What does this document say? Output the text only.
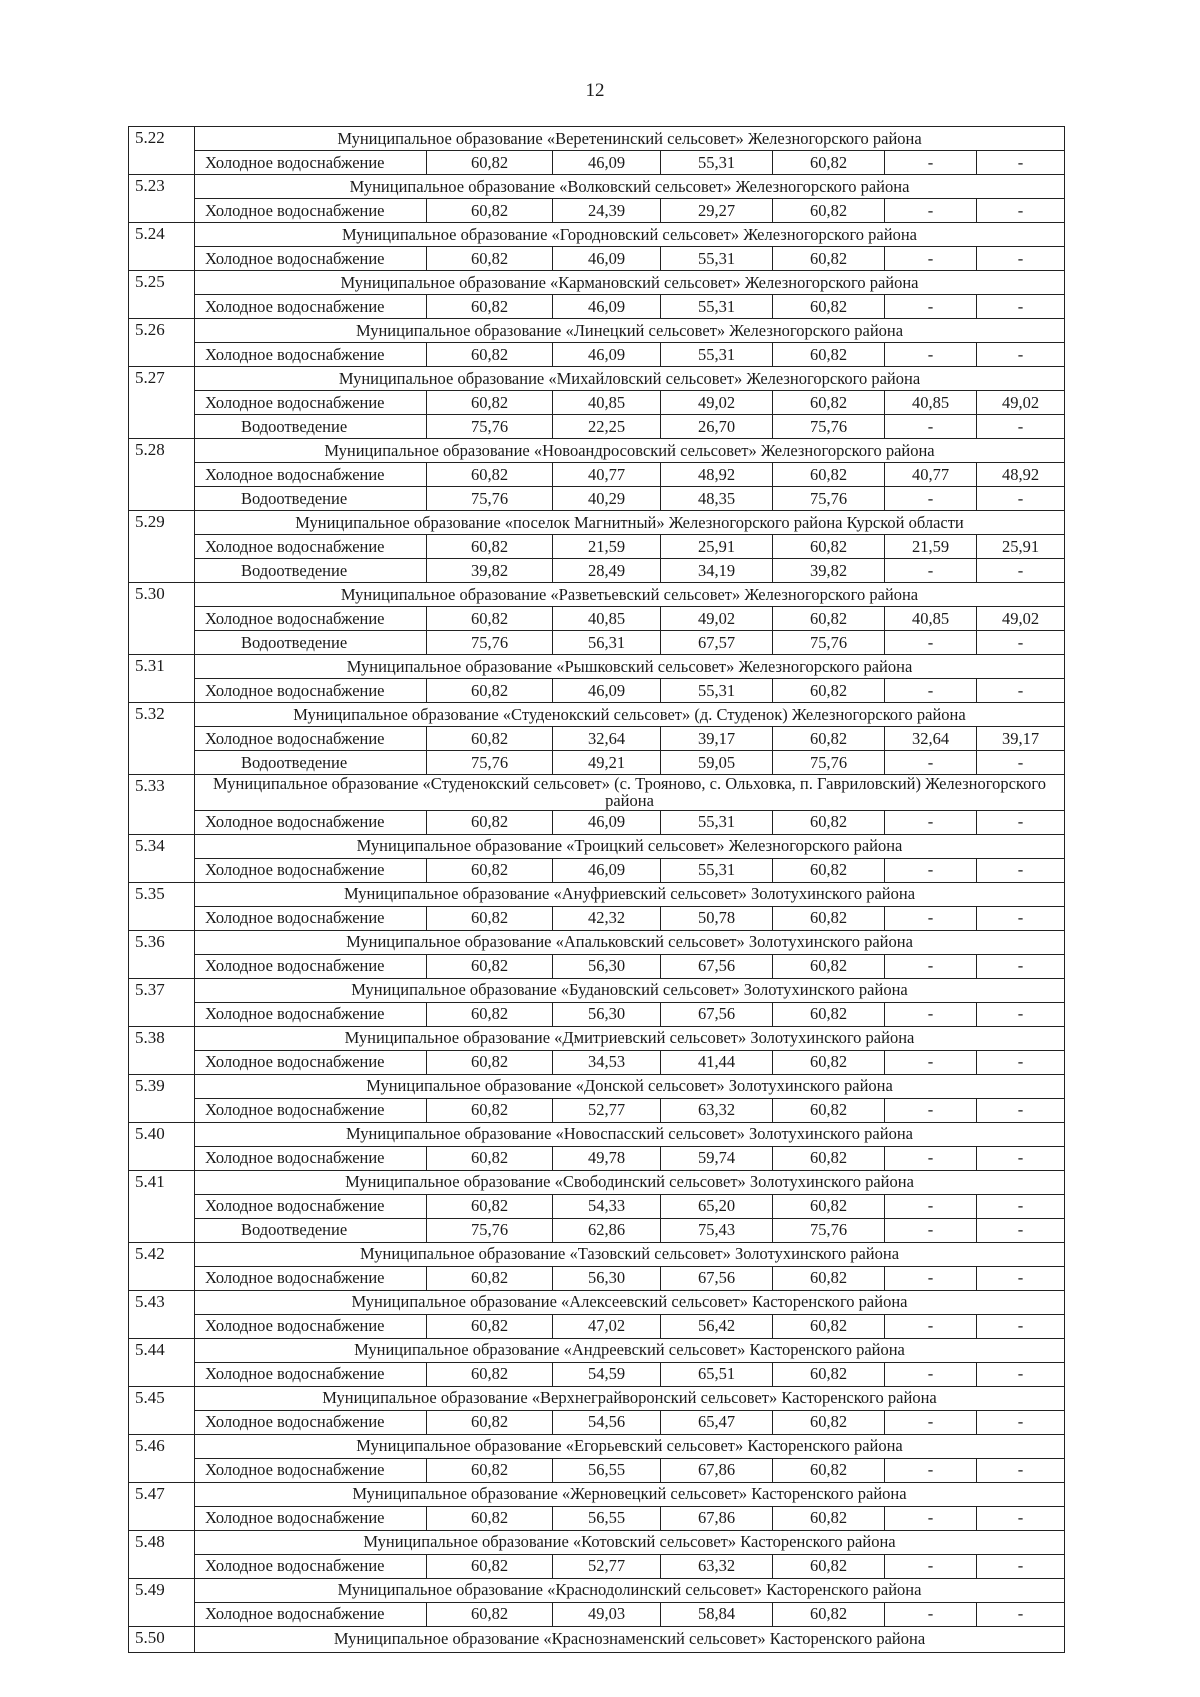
12
5.22	Муниципальное образование «Веретенинский сельсовет» Железногорского района						
	Холодное водоснабжение	60,82	46,09	55,31	60,82	-	-
5.23	Муниципальное образование «Волковский сельсовет» Железногорского района						
	Холодное водоснабжение	60,82	24,39	29,27	60,82	-	-
5.24	Муниципальное образование «Городновский сельсовет» Железногорского района						
	Холодное водоснабжение	60,82	46,09	55,31	60,82	-	-
5.25	Муниципальное образование «Кармановский сельсовет» Железногорского района						
	Холодное водоснабжение	60,82	46,09	55,31	60,82	-	-
5.26	Муниципальное образование «Линецкий сельсовет» Железногорского района						
	Холодное водоснабжение	60,82	46,09	55,31	60,82	-	-
5.27	Муниципальное образование «Михайловский сельсовет» Железногорского района						
	Холодное водоснабжение	60,82	40,85	49,02	60,82	40,85	49,02
	Водоотведение	75,76	22,25	26,70	75,76	-	-
5.28	Муниципальное образование «Новоандросовский сельсовет» Железногорского района						
	Холодное водоснабжение	60,82	40,77	48,92	60,82	40,77	48,92
	Водоотведение	75,76	40,29	48,35	75,76	-	-
5.29	Муниципальное образование «поселок Магнитный» Железногорского района Курской области						
	Холодное водоснабжение	60,82	21,59	25,91	60,82	21,59	25,91
	Водоотведение	39,82	28,49	34,19	39,82	-	-
5.30	Муниципальное образование «Разветьевский сельсовет» Железногорского района						
	Холодное водоснабжение	60,82	40,85	49,02	60,82	40,85	49,02
	Водоотведение	75,76	56,31	67,57	75,76	-	-
5.31	Муниципальное образование «Рышковский сельсовет» Железногорского района						
	Холодное водоснабжение	60,82	46,09	55,31	60,82	-	-
5.32	Муниципальное образование «Студенокский сельсовет» (д. Студенок) Железногорского района						
	Холодное водоснабжение	60,82	32,64	39,17	60,82	32,64	39,17
	Водоотведение	75,76	49,21	59,05	75,76	-	-
5.33	Муниципальное образование «Студенокский сельсовет» (с. Трояново, с. Ольховка, п. Гавриловский) Железногорского района						
	Холодное водоснабжение	60,82	46,09	55,31	60,82	-	-
5.34	Муниципальное образование «Троицкий сельсовет» Железногорского района						
	Холодное водоснабжение	60,82	46,09	55,31	60,82	-	-
5.35	Муниципальное образование «Ануфриевский сельсовет» Золотухинского района						
	Холодное водоснабжение	60,82	42,32	50,78	60,82	-	-
5.36	Муниципальное образование «Апальковский сельсовет» Золотухинского района						
	Холодное водоснабжение	60,82	56,30	67,56	60,82	-	-
5.37	Муниципальное образование «Будановский сельсовет» Золотухинского района						
	Холодное водоснабжение	60,82	56,30	67,56	60,82	-	-
5.38	Муниципальное образование «Дмитриевский сельсовет» Золотухинского района						
	Холодное водоснабжение	60,82	34,53	41,44	60,82	-	-
5.39	Муниципальное образование «Донской сельсовет» Золотухинского района						
	Холодное водоснабжение	60,82	52,77	63,32	60,82	-	-
5.40	Муниципальное образование «Новоспасский сельсовет» Золотухинского района						
	Холодное водоснабжение	60,82	49,78	59,74	60,82	-	-
5.41	Муниципальное образование «Свободинский сельсовет» Золотухинского района						
	Холодное водоснабжение	60,82	54,33	65,20	60,82	-	-
	Водоотведение	75,76	62,86	75,43	75,76	-	-
5.42	Муниципальное образование «Тазовский сельсовет» Золотухинского района						
	Холодное водоснабжение	60,82	56,30	67,56	60,82	-	-
5.43	Муниципальное образование «Алексеевский сельсовет» Касторенского района						
	Холодное водоснабжение	60,82	47,02	56,42	60,82	-	-
5.44	Муниципальное образование «Андреевский сельсовет» Касторенского района						
	Холодное водоснабжение	60,82	54,59	65,51	60,82	-	-
5.45	Муниципальное образование «Верхнеграйворонский сельсовет» Касторенского района						
	Холодное водоснабжение	60,82	54,56	65,47	60,82	-	-
5.46	Муниципальное образование «Егорьевский сельсовет» Касторенского района						
	Холодное водоснабжение	60,82	56,55	67,86	60,82	-	-
5.47	Муниципальное образование «Жерновецкий сельсовет» Касторенского района						
	Холодное водоснабжение	60,82	56,55	67,86	60,82	-	-
5.48	Муниципальное образование «Котовский сельсовет» Касторенского района						
	Холодное водоснабжение	60,82	52,77	63,32	60,82	-	-
5.49	Муниципальное образование «Краснодолинский сельсовет» Касторенского района						
	Холодное водоснабжение	60,82	49,03	58,84	60,82	-	-
5.50	Муниципальное образование «Краснознаменский сельсовет» Касторенского района						
